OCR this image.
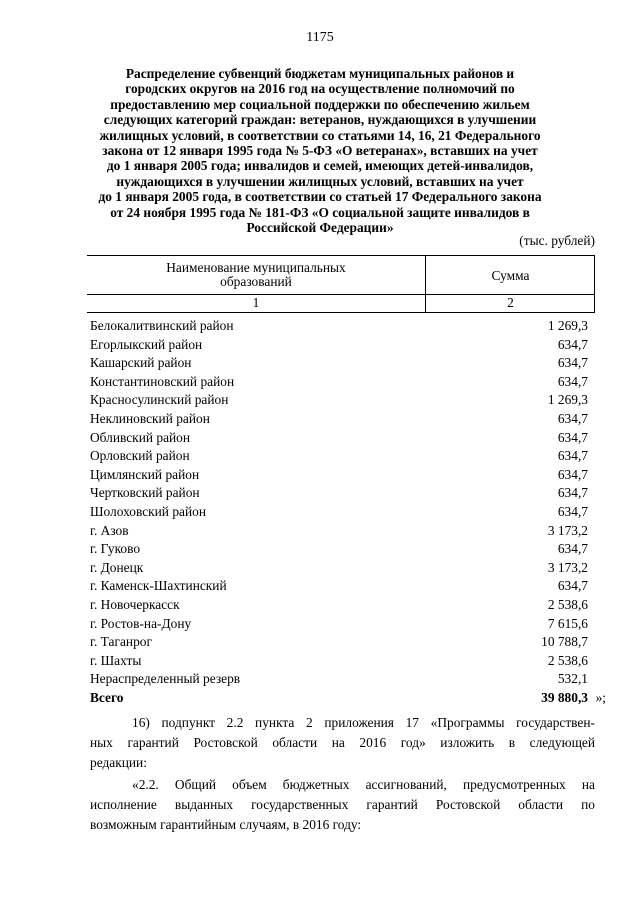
1175
Распределение субвенций бюджетам муниципальных районов и
городских округов на 2016 год на осуществление полномочий по
предоставлению мер социальной поддержки по обеспечению жильем
следующих категорий граждан: ветеранов, нуждающихся в улучшении
жилищных условий, в соответствии со статьями 14, 16, 21 Федерального
закона от 12 января 1995 года № 5-ФЗ «О ветеранах», вставших на учет
до 1 января 2005 года; инвалидов и семей, имеющих детей-инвалидов,
нуждающихся в улучшении жилищных условий, вставших на учет
до 1 января 2005 года, в соответствии со статьей 17 Федерального закона
от 24 ноября 1995 года № 181-ФЗ «О социальной защите инвалидов в
Российской Федерации»
(тыс. рублей)
Наименование муниципальных
образований	Сумма
1	2
Белокалитвинский район	1 269,3
Егорлыкский район	634,7
Кашарский район	634,7
Константиновский район	634,7
Красносулинский район	1 269,3
Неклиновский район	634,7
Обливский район	634,7
Орловский район	634,7
Цимлянский район	634,7
Чертковский район	634,7
Шолоховский район	634,7
г. Азов	3 173,2
г. Гуково	634,7
г. Донецк	3 173,2
г. Каменск-Шахтинский	634,7
г. Новочеркасск	2 538,6
г. Ростов-на-Дону	7 615,6
г. Таганрог	10 788,7
г. Шахты	2 538,6
Нераспределенный резерв	532,1
Всего	39 880,3 »;
16) подпункт 2.2 пункта 2 приложения 17 «Программы государствен-
ных гарантий Ростовской области на 2016 год» изложить в следующей
редакции:
«2.2. Общий объем бюджетных ассигнований, предусмотренных на
исполнение выданных государственных гарантий Ростовской области по
возможным гарантийным случаям, в 2016 году:
